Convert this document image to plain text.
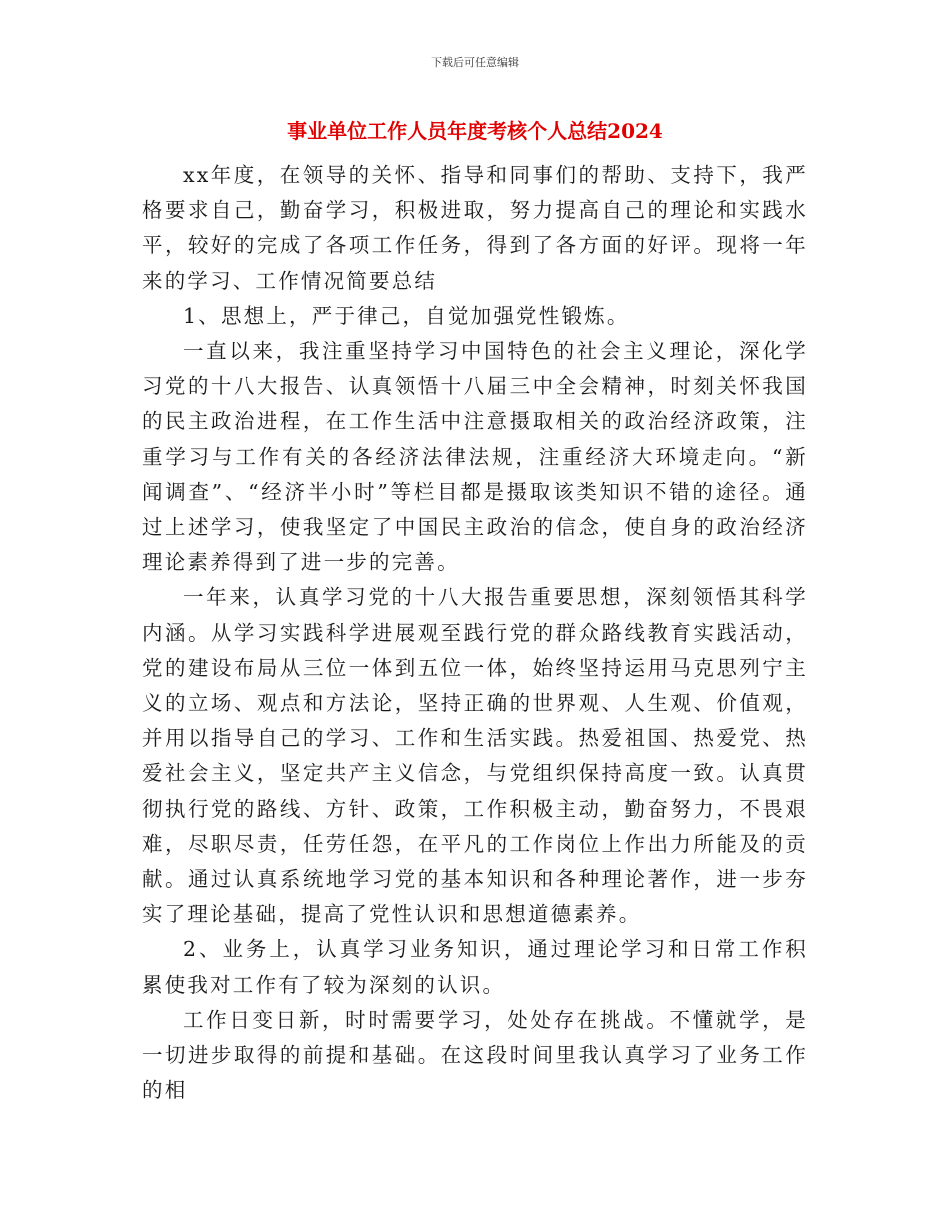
下载后可任意编辑
事业单位工作人员年度考核个人总结2024

xx年度，在领导的关怀、指导和同事们的帮助、支持下，我严格要求自己，勤奋学习，积极进取，努力提高自己的理论和实践水平，较好的完成了各项工作任务，得到了各方面的好评。现将一年来的学习、工作情况简要总结

1、思想上，严于律己，自觉加强党性锻炼。

一直以来，我注重坚持学习中国特色的社会主义理论，深化学习党的十八大报告、认真领悟十八届三中全会精神，时刻关怀我国的民主政治进程，在工作生活中注意摄取相关的政治经济政策，注重学习与工作有关的各经济法律法规，注重经济大环境走向。“新闻调查”、“经济半小时”等栏目都是摄取该类知识不错的途径。通过上述学习，使我坚定了中国民主政治的信念，使自身的政治经济理论素养得到了进一步的完善。

一年来，认真学习党的十八大报告重要思想，深刻领悟其科学内涵。从学习实践科学进展观至践行党的群众路线教育实践活动，党的建设布局从三位一体到五位一体，始终坚持运用马克思列宁主义的立场、观点和方法论，坚持正确的世界观、人生观、价值观，并用以指导自己的学习、工作和生活实践。热爱祖国、热爱党、热爱社会主义，坚定共产主义信念，与党组织保持高度一致。认真贯彻执行党的路线、方针、政策，工作积极主动，勤奋努力，不畏艰难，尽职尽责，任劳任怨，在平凡的工作岗位上作出力所能及的贡献。通过认真系统地学习党的基本知识和各种理论著作，进一步夯实了理论基础，提高了党性认识和思想道德素养。

2、业务上，认真学习业务知识，通过理论学习和日常工作积累使我对工作有了较为深刻的认识。

工作日变日新，时时需要学习，处处存在挑战。不懂就学，是一切进步取得的前提和基础。在这段时间里我认真学习了业务工作的相
